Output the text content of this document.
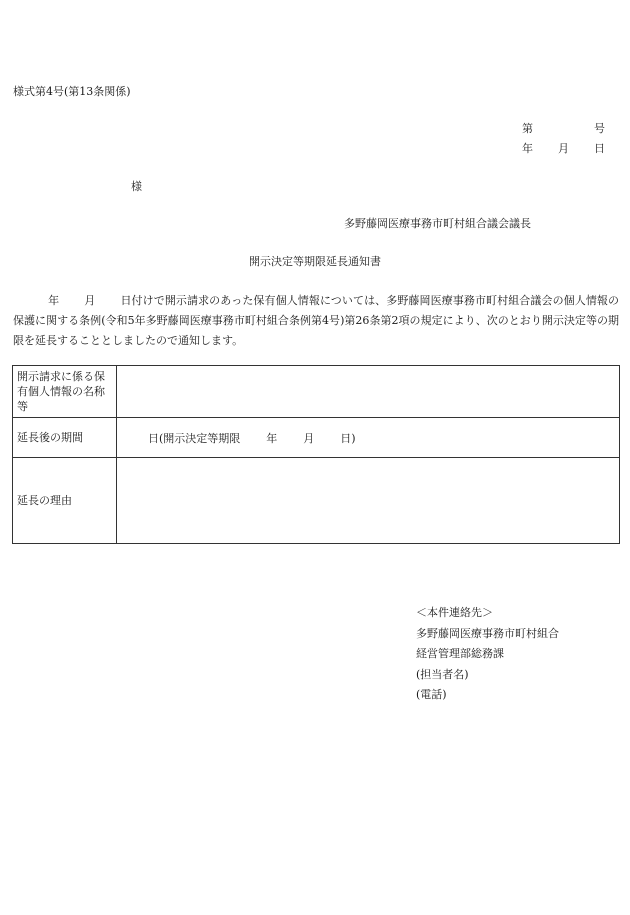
様式第4号(第13条関係)
第	号
年 月 日
様
多野藤岡医療事務市町村組合議会議長
開示決定等期限延長通知書
年 月 日付けで開示請求のあった保有個人情報については、多野藤岡医療事務市町村組合議会の個人情報の保護に関する条例(令和5年多野藤岡医療事務市町村組合条例第4号)第26条第2項の規定により、次のとおり開示決定等の期限を延長することとしましたので通知します。
開示請求に係る保有個人情報の名称等	
延長後の期間	日(開示決定等期限 年 月 日)
延長の理由	
＜本件連絡先＞
多野藤岡医療事務市町村組合
経営管理部総務課
(担当者名)
(電話)
